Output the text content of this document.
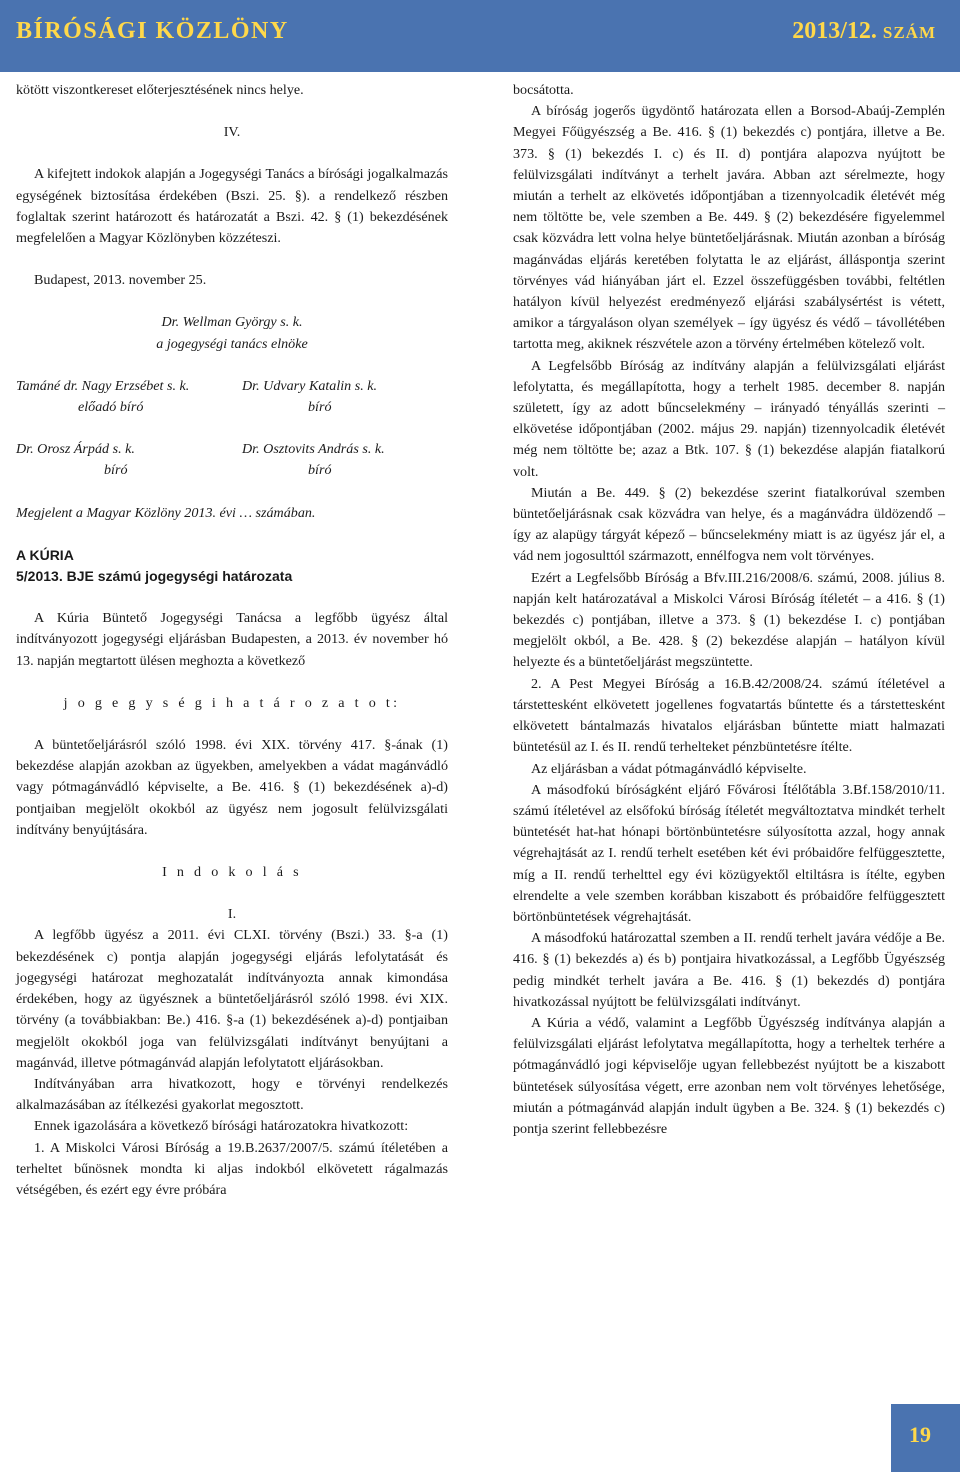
BÍRÓSÁGI KÖZLÖNY	2013/12. SZÁM

kötött viszontkereset előterjesztésének nincs helye.

IV.

A kifejtett indokok alapján a Jogegységi Tanács a bírósági jogalkalmazás egységének biztosítása érdekében (Bszi. 25. §). a rendelkező részben foglaltak szerint határozott és határozatát a Bszi. 42. § (1) bekezdésének megfelelően a Magyar Közlönyben közzéteszi.

Budapest, 2013. november 25.

Dr. Wellman György s. k.

a jogegységi tanács elnöke

Tamáné dr. Nagy Erzsébet s. k.

előadó bíró

Dr. Udvary Katalin s. k.

bíró

Dr. Orosz Árpád s. k.

bíró

Dr. Osztovits András s. k.

bíró

Megjelent a Magyar Közlöny 2013. évi … számában.

A KÚRIA

5/2013. BJE számú jogegységi határozata

A Kúria Büntető Jogegységi Tanácsa a legfőbb ügyész által indítványozott jogegységi eljárásban Budapesten, a 2013. év november hó 13. napján megtartott ülésen meghozta a következő

j o g e g y s é g i h a t á r o z a t o t:

A büntetőeljárásról szóló 1998. évi XIX. törvény 417. §-ának (1) bekezdése alapján azokban az ügyekben, amelyekben a vádat magánvádló vagy pótmagánvádló képviselte, a Be. 416. § (1) bekezdésének a)-d) pontjaiban megjelölt okokból az ügyész nem jogosult felülvizsgálati indítvány benyújtására.

I n d o k o l á s

I.

A legfőbb ügyész a 2011. évi CLXI. törvény (Bszi.) 33. §-a (1) bekezdésének c) pontja alapján jogegységi eljárás lefolytatását és jogegységi határozat meghozatalát indítványozta annak kimondása érdekében, hogy az ügyésznek a büntetőeljárásról szóló 1998. évi XIX. törvény (a továbbiakban: Be.) 416. §-a (1) bekezdésének a)-d) pontjaiban megjelölt okokból joga van felülvizsgálati indítványt benyújtani a magánvád, illetve pótmagánvád alapján lefolytatott eljárásokban.

Indítványában arra hivatkozott, hogy e törvényi rendelkezés alkalmazásában az ítélkezési gyakorlat megosztott.

Ennek igazolására a következő bírósági határozatokra hivatkozott:

1. A Miskolci Városi Bíróság a 19.B.2637/2007/5. számú ítéletében a terheltet bűnösnek mondta ki aljas indokból elkövetett rágalmazás vétségében, és ezért egy évre próbára

bocsátotta.

A bíróság jogerős ügydöntő határozata ellen a Borsod-Abaúj-Zemplén Megyei Főügyészség a Be. 416. § (1) bekezdés c) pontjára, illetve a Be. 373. § (1) bekezdés I. c) és II. d) pontjára alapozva nyújtott be felülvizsgálati indítványt a terhelt javára. Abban azt sérelmezte, hogy miután a terhelt az elkövetés időpontjában a tizennyolcadik életévét még nem töltötte be, vele szemben a Be. 449. § (2) bekezdésére figyelemmel csak közvádra lett volna helye büntetőeljárásnak. Miután azonban a bíróság magánvádas eljárás keretében folytatta le az eljárást, álláspontja szerint törvényes vád hiányában járt el. Ezzel összefüggésben további, feltétlen hatályon kívül helyezést eredményező eljárási szabálysértést is vétett, amikor a tárgyaláson olyan személyek – így ügyész és védő – távollétében tartotta meg, akiknek részvétele azon a törvény értelmében kötelező volt.

A Legfelsőbb Bíróság az indítvány alapján a felülvizsgálati eljárást lefolytatta, és megállapította, hogy a terhelt 1985. december 8. napján született, így az adott bűncselekmény – irányadó tényállás szerinti – elkövetése időpontjában (2002. május 29. napján) tizennyolcadik életévét még nem töltötte be; azaz a Btk. 107. § (1) bekezdése alapján fiatalkorú volt.

Miután a Be. 449. § (2) bekezdése szerint fiatalkorúval szemben büntetőeljárásnak csak közvádra van helye, és a magánvádra üldözendő – így az alapügy tárgyát képező – bűncselekmény miatt is az ügyész jár el, a vád nem jogosulttól származott, ennélfogva nem volt törvényes.

Ezért a Legfelsőbb Bíróság a Bfv.III.216/2008/6. számú, 2008. július 8. napján kelt határozatával a Miskolci Városi Bíróság ítéletét – a 416. § (1) bekezdés c) pontjában, illetve a 373. § (1) bekezdése I. c) pontjában megjelölt okból, a Be. 428. § (2) bekezdése alapján – hatályon kívül helyezte és a büntetőeljárást megszüntette.

2. A Pest Megyei Bíróság a 16.B.42/2008/24. számú ítéletével a társtettesként elkövetett jogellenes fogvatartás bűntette és a társtettesként elkövetett bántalmazás hivatalos eljárásban bűntette miatt halmazati büntetésül az I. és II. rendű terhelteket pénzbüntetésre ítélte.

Az eljárásban a vádat pótmagánvádló képviselte.

A másodfokú bíróságként eljáró Fővárosi Ítélőtábla 3.Bf.158/2010/11. számú ítéletével az elsőfokú bíróság ítéletét megváltoztatva mindkét terhelt büntetését hat-hat hónapi börtönbüntetésre súlyosította azzal, hogy annak végrehajtását az I. rendű terhelt esetében két évi próbaidőre felfüggesztette, míg a II. rendű terhelttel egy évi közügyektől eltiltásra is ítélte, egyben elrendelte a vele szemben korábban kiszabott és próbaidőre felfüggesztett börtönbüntetések végrehajtását.

A másodfokú határozattal szemben a II. rendű terhelt javára védője a Be. 416. § (1) bekezdés a) és b) pontjaira hivatkozással, a Legfőbb Ügyészség pedig mindkét terhelt javára a Be. 416. § (1) bekezdés d) pontjára hivatkozással nyújtott be felülvizsgálati indítványt.

A Kúria a védő, valamint a Legfőbb Ügyészség indítványa alapján a felülvizsgálati eljárást lefolytatva megállapította, hogy a terheltek terhére a pótmagánvádló jogi képviselője ugyan fellebbezést nyújtott be a kiszabott büntetések súlyosítása végett, erre azonban nem volt törvényes lehetősége, miután a pótmagánvád alapján indult ügyben a Be. 324. § (1) bekezdés c) pontja szerint fellebbezésre

19
